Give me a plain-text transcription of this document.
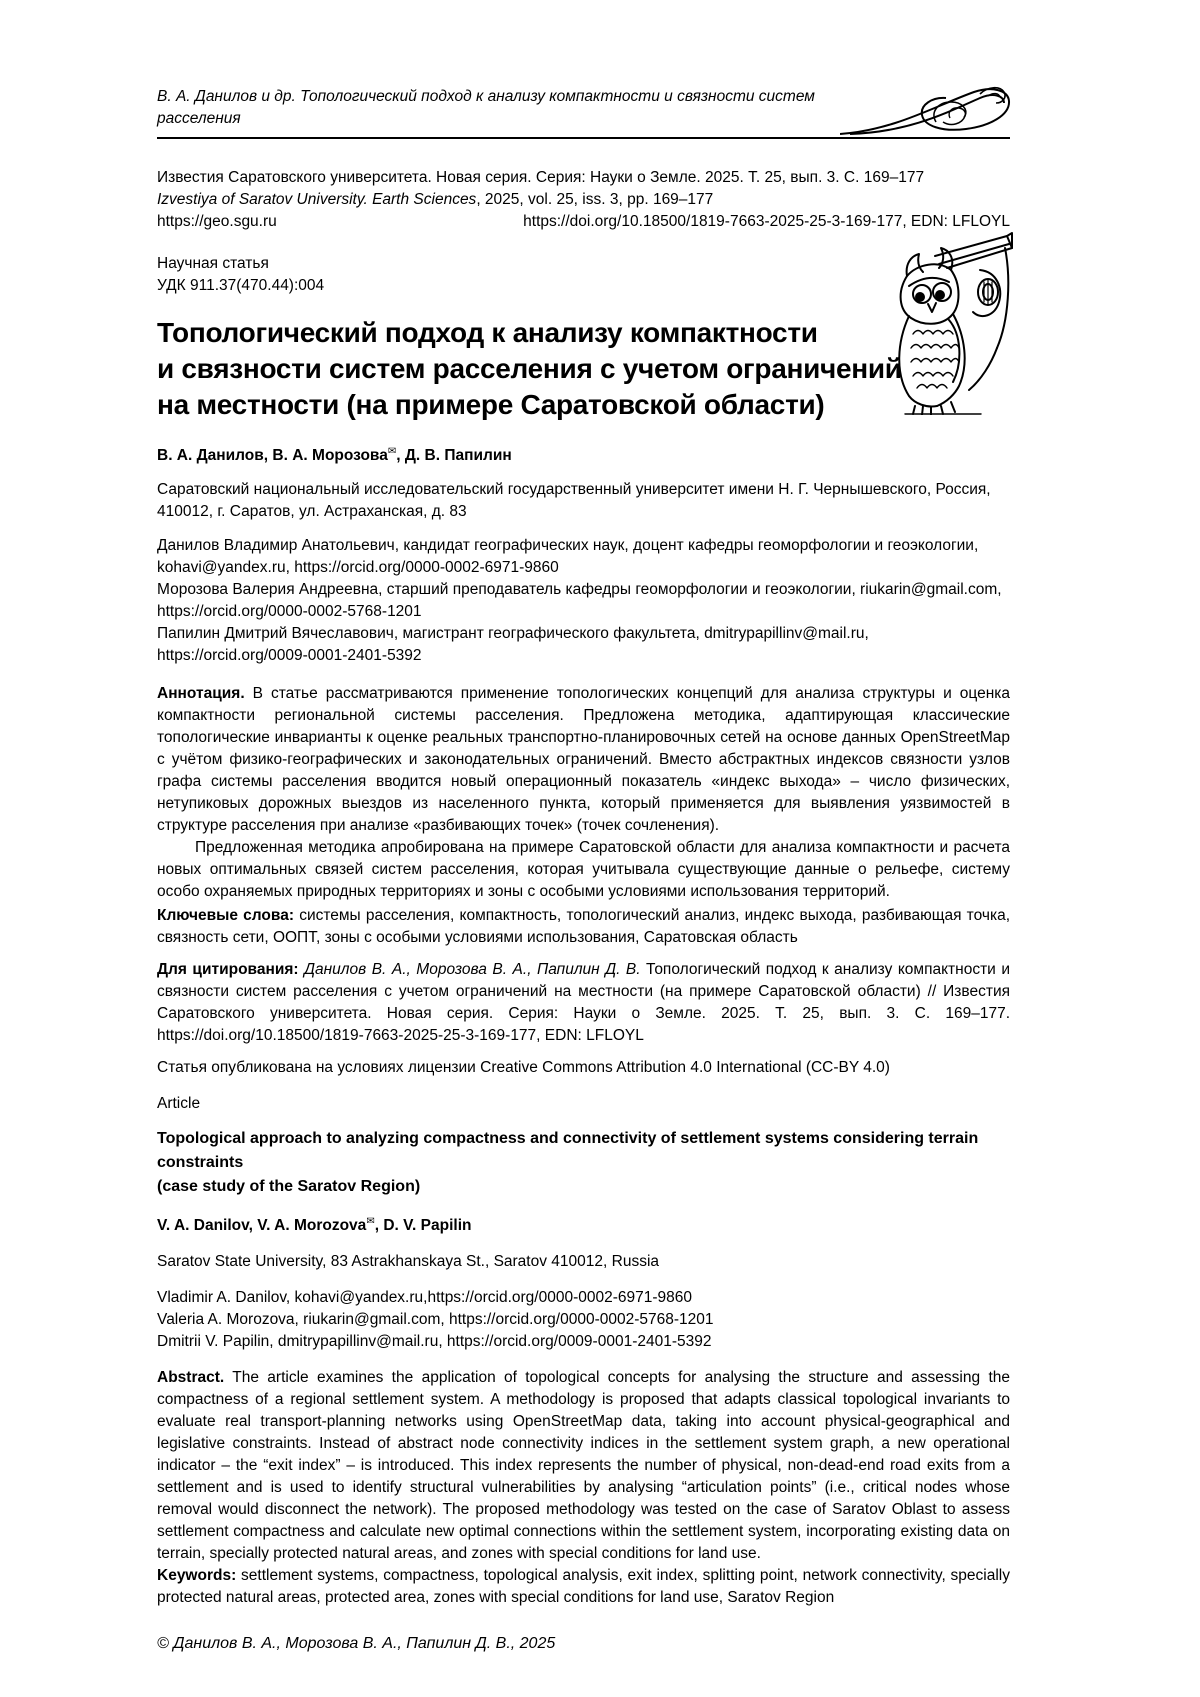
В. А. Данилов и др. Топологический подход к анализу компактности и связности систем расселения
Известия Саратовского университета. Новая серия. Серия: Науки о Земле. 2025. Т. 25, вып. 3. С. 169–177
Izvestiya of Saratov University. Earth Sciences, 2025, vol. 25, iss. 3, pp. 169–177
https://geo.sgu.ru	https://doi.org/10.18500/1819-7663-2025-25-3-169-177, EDN: LFLOYL
Научная статья
УДК 911.37(470.44):004
Топологический подход к анализу компактности
и связности систем расселения с учетом ограничений
на местности (на примере Саратовской области)
В. А. Данилов, В. А. Морозова✉, Д. В. Папилин
Саратовский национальный исследовательский государственный университет имени Н. Г. Чернышевского, Россия, 410012, г. Саратов, ул. Астраханская, д. 83
Данилов Владимир Анатольевич, кандидат географических наук, доцент кафедры геоморфологии и геоэкологии, kohavi@yandex.ru, https://orcid.org/0000-0002-6971-9860
Морозова Валерия Андреевна, старший преподаватель кафедры геоморфологии и геоэкологии, riukarin@gmail.com, https://orcid.org/0000-0002-5768-1201
Папилин Дмитрий Вячеславович, магистрант географического факультета, dmitrypapillinv@mail.ru, https://orcid.org/0009-0001-2401-5392

Аннотация. В статье рассматриваются применение топологических концепций для анализа структуры и оценка компактности региональной системы расселения. Предложена методика, адаптирующая классические топологические инварианты к оценке реальных транспортно-планировочных сетей на основе данных OpenStreetMap с учётом физико-географических и законодательных ограничений. Вместо абстрактных индексов связности узлов графа системы расселения вводится новый операционный показатель «индекс выхода» – число физических, нетупиковых дорожных выездов из населенного пункта, который применяется для выявления уязвимостей в структуре расселения при анализе «разбивающих точек» (точек сочленения).

Предложенная методика апробирована на примере Саратовской области для анализа компактности и расчета новых оптимальных связей систем расселения, которая учитывала существующие данные о рельефе, систему особо охраняемых природных территориях и зоны с особыми условиями использования территорий.

Ключевые слова: системы расселения, компактность, топологический анализ, индекс выхода, разбивающая точка, связность сети, ООПТ, зоны с особыми условиями использования, Саратовская область
Для цитирования: Данилов В. А., Морозова В. А., Папилин Д. В. Топологический подход к анализу компактности и связности систем расселения с учетом ограничений на местности (на примере Саратовской области) // Известия Саратовского университета. Новая серия. Серия: Науки о Земле. 2025. Т. 25, вып. 3. С. 169–177. https://doi.org/10.18500/1819-7663-2025-25-3-169-177, EDN: LFLOYL
Статья опубликована на условиях лицензии Creative Commons Attribution 4.0 International (CC-BY 4.0)
Article
Topological approach to analyzing compactness and connectivity of settlement systems considering terrain constraints
(case study of the Saratov Region)
V. A. Danilov, V. A. Morozova✉, D. V. Papilin
Saratov State University, 83 Astrakhanskaya St., Saratov 410012, Russia
Vladimir A. Danilov, kohavi@yandex.ru,https://orcid.org/0000-0002-6971-9860
Valeria A. Morozova, riukarin@gmail.com, https://orcid.org/0000-0002-5768-1201
Dmitrii V. Papilin, dmitrypapillinv@mail.ru, https://orcid.org/0009-0001-2401-5392
Abstract. The article examines the application of topological concepts for analysing the structure and assessing the compactness of a regional settlement system. A methodology is proposed that adapts classical topological invariants to evaluate real transport-planning networks using OpenStreetMap data, taking into account physical-geographical and legislative constraints. Instead of abstract node connectivity indices in the settlement system graph, a new operational indicator – the “exit index” – is introduced. This index represents the number of physical, non-dead-end road exits from a settlement and is used to identify structural vulnerabilities by analysing “articulation points” (i.e., critical nodes whose removal would disconnect the network). The proposed methodology was tested on the case of Saratov Oblast to assess settlement compactness and calculate new optimal connections within the settlement system, incorporating existing data on terrain, specially protected natural areas, and zones with special conditions for land use.
Keywords: settlement systems, compactness, topological analysis, exit index, splitting point, network connectivity, specially protected natural areas, protected area, zones with special conditions for land use, Saratov Region
© Данилов В. А., Морозова В. А., Папилин Д. В., 2025
